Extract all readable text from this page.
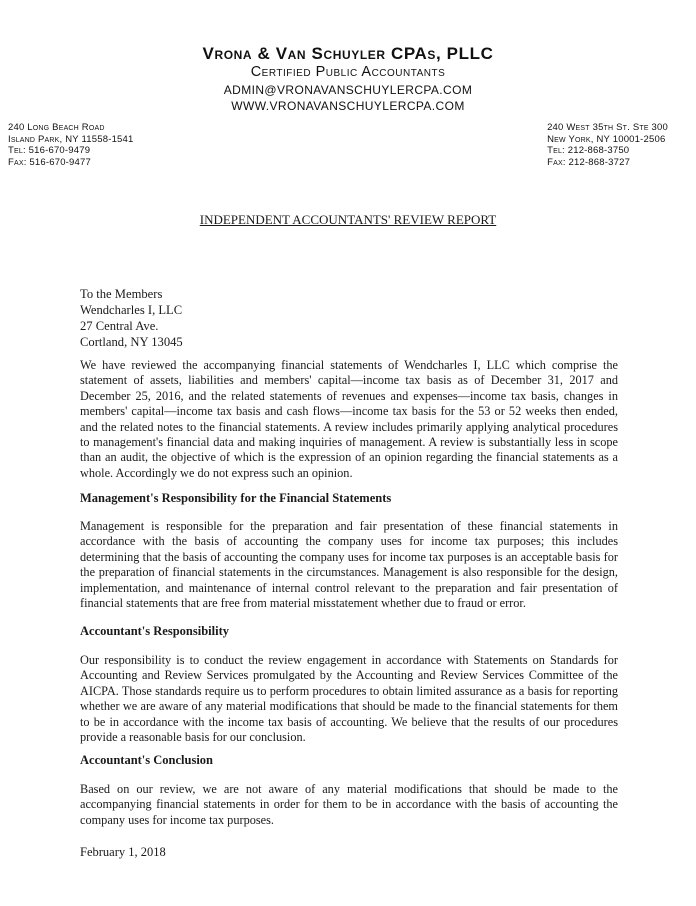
Vrona & Van Schuyler CPAs, PLLC
Certified Public Accountants
ADMIN@VRONAVANSCHUYLERCPA.COM
WWW.VRONAVANSCHUYLERCPA.COM
240 Long Beach Road
Island Park, NY 11558-1541
Tel: 516-670-9479
Fax: 516-670-9477
240 West 35th St. Ste 300
New York, NY 10001-2506
Tel: 212-868-3750
Fax: 212-868-3727
INDEPENDENT ACCOUNTANTS' REVIEW REPORT
To the Members
Wendcharles I, LLC
27 Central Ave.
Cortland, NY 13045

We have reviewed the accompanying financial statements of Wendcharles I, LLC which comprise the statement of assets, liabilities and members' capital—income tax basis as of December 31, 2017 and December 25, 2016, and the related statements of revenues and expenses—income tax basis, changes in members' capital—income tax basis and cash flows—income tax basis for the 53 or 52 weeks then ended, and the related notes to the financial statements. A review includes primarily applying analytical procedures to management's financial data and making inquiries of management. A review is substantially less in scope than an audit, the objective of which is the expression of an opinion regarding the financial statements as a whole. Accordingly we do not express such an opinion.

Management's Responsibility for the Financial Statements

Management is responsible for the preparation and fair presentation of these financial statements in accordance with the basis of accounting the company uses for income tax purposes; this includes determining that the basis of accounting the company uses for income tax purposes is an acceptable basis for the preparation of financial statements in the circumstances. Management is also responsible for the design, implementation, and maintenance of internal control relevant to the preparation and fair presentation of financial statements that are free from material misstatement whether due to fraud or error.

Accountant's Responsibility

Our responsibility is to conduct the review engagement in accordance with Statements on Standards for Accounting and Review Services promulgated by the Accounting and Review Services Committee of the AICPA. Those standards require us to perform procedures to obtain limited assurance as a basis for reporting whether we are aware of any material modifications that should be made to the financial statements for them to be in accordance with the income tax basis of accounting. We believe that the results of our procedures provide a reasonable basis for our conclusion.

Accountant's Conclusion

Based on our review, we are not aware of any material modifications that should be made to the accompanying financial statements in order for them to be in accordance with the basis of accounting the company uses for income tax purposes.

February 1, 2018
